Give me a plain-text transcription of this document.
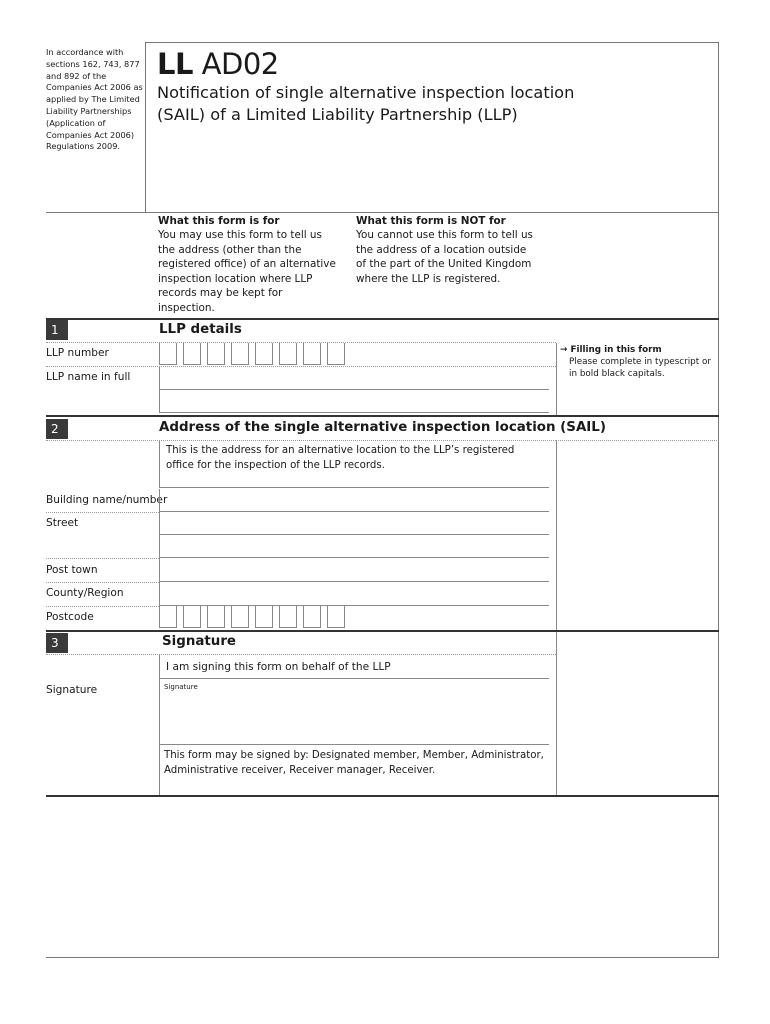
In accordance with sections 162, 743, 877 and 892 of the Companies Act 2006 as applied by The Limited Liability Partnerships (Application of Companies Act 2006) Regulations 2009.
LL AD02
Notification of single alternative inspection location (SAIL) of a Limited Liability Partnership (LLP)
What this form is for
You may use this form to tell us the address (other than the registered office) of an alternative inspection location where LLP records may be kept for inspection.
What this form is NOT for
You cannot use this form to tell us the address of a location outside of the part of the United Kingdom where the LLP is registered.
1	LLP details
LLP number
LLP name in full
→ Filling in this form
Please complete in typescript or in bold black capitals.
2	Address of the single alternative inspection location (SAIL)
This is the address for an alternative location to the LLP’s registered office for the inspection of the LLP records.
Building name/number
Street
Post town
County/Region
Postcode
3	Signature
I am signing this form on behalf of the LLP
Signature	Signature
This form may be signed by: Designated member, Member, Administrator, Administrative receiver, Receiver manager, Receiver.
